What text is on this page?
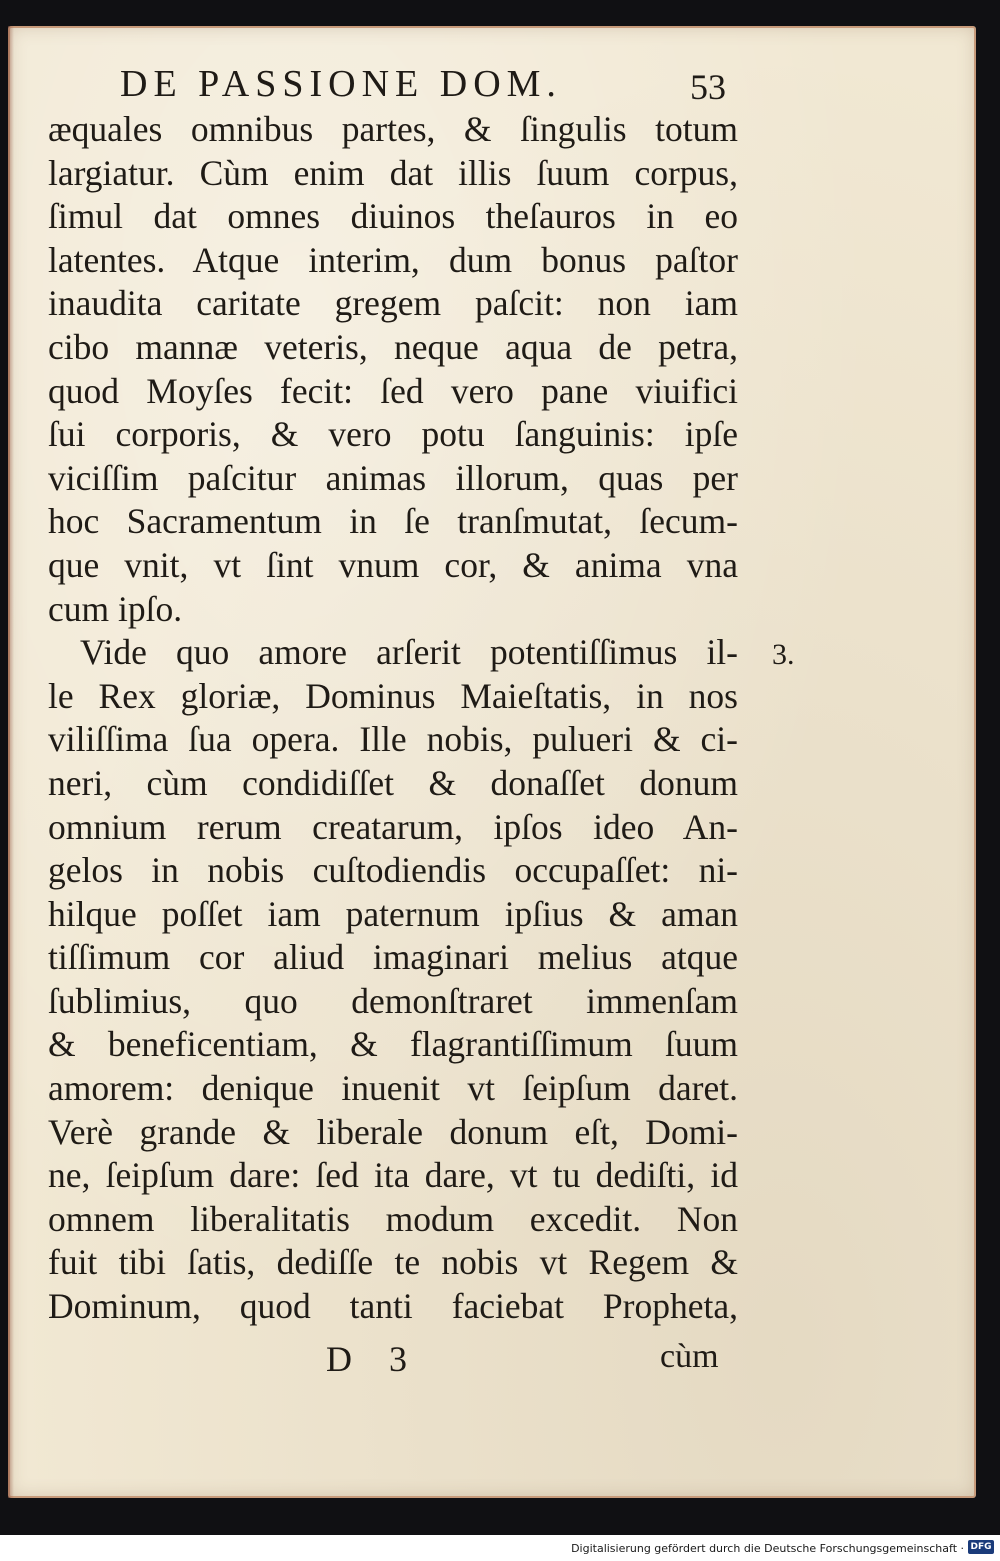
DE PASSIONE DOM.	53
æquales omnibus partes, & ſingulis totum
largiatur. Cùm enim dat illis ſuum corpus,
ſimul dat omnes diuinos theſauros in eo
latentes. Atque interim, dum bonus paſtor
inaudita caritate gregem paſcit: non iam
cibo mannæ veteris, neque aqua de petra,
quod Moyſes fecit: ſed vero pane viuifici
ſui corporis, & vero potu ſanguinis: ipſe
viciſſim paſcitur animas illorum, quas per
hoc Sacramentum in ſe tranſmutat, ſecum-
que vnit, vt ſint vnum cor, & anima vna
cum ipſo.
Vide quo amore arſerit potentiſſimus il-
le Rex gloriæ, Dominus Maieſtatis, in nos
viliſſima ſua opera. Ille nobis, pulueri & ci-
neri, cùm condidiſſet & donaſſet donum
omnium rerum creatarum, ipſos ideo An-
gelos in nobis cuſtodiendis occupaſſet: ni-
hilque poſſet iam paternum ipſius & aman
tiſſimum cor aliud imaginari melius atque
ſublimius, quo demonſtraret immenſam
& beneficentiam, & flagrantiſſimum ſuum
amorem: denique inuenit vt ſeipſum daret.
Verè grande & liberale donum eſt, Domi-
ne, ſeipſum dare: ſed ita dare, vt tu dediſti, id
omnem liberalitatis modum excedit. Non
fuit tibi ſatis, dediſſe te nobis vt Regem &
Dominum, quod tanti faciebat Propheta,
3.
D 3	cùm
Digitalisierung gefördert durch die Deutsche Forschungsgemeinschaft · DFG
